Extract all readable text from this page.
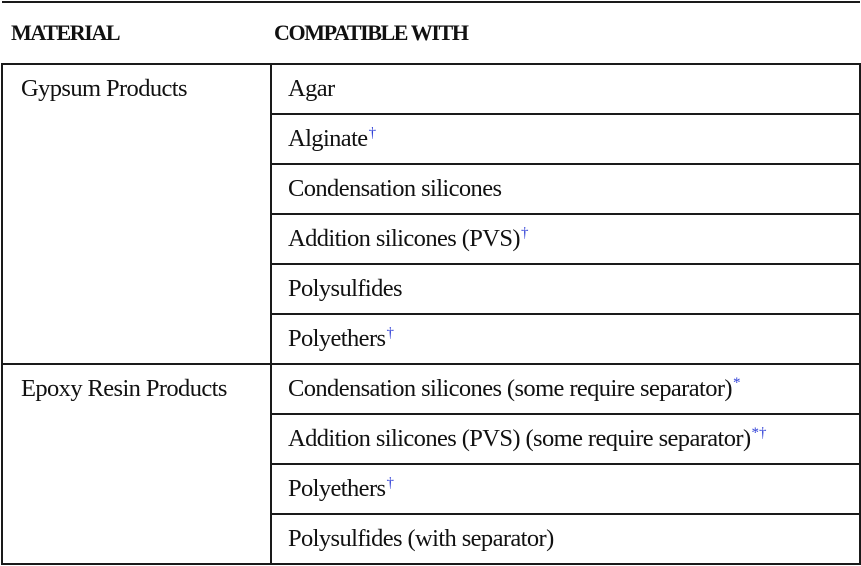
MATERIAL	COMPATIBLE WITH
Gypsum Products	Agar
	Alginate†
	Condensation silicones
	Addition silicones (PVS)†
	Polysulfides
	Polyethers†
Epoxy Resin Products	Condensation silicones (some require separator)*
	Addition silicones (PVS) (some require separator)*†
	Polyethers†
	Polysulfides (with separator)
